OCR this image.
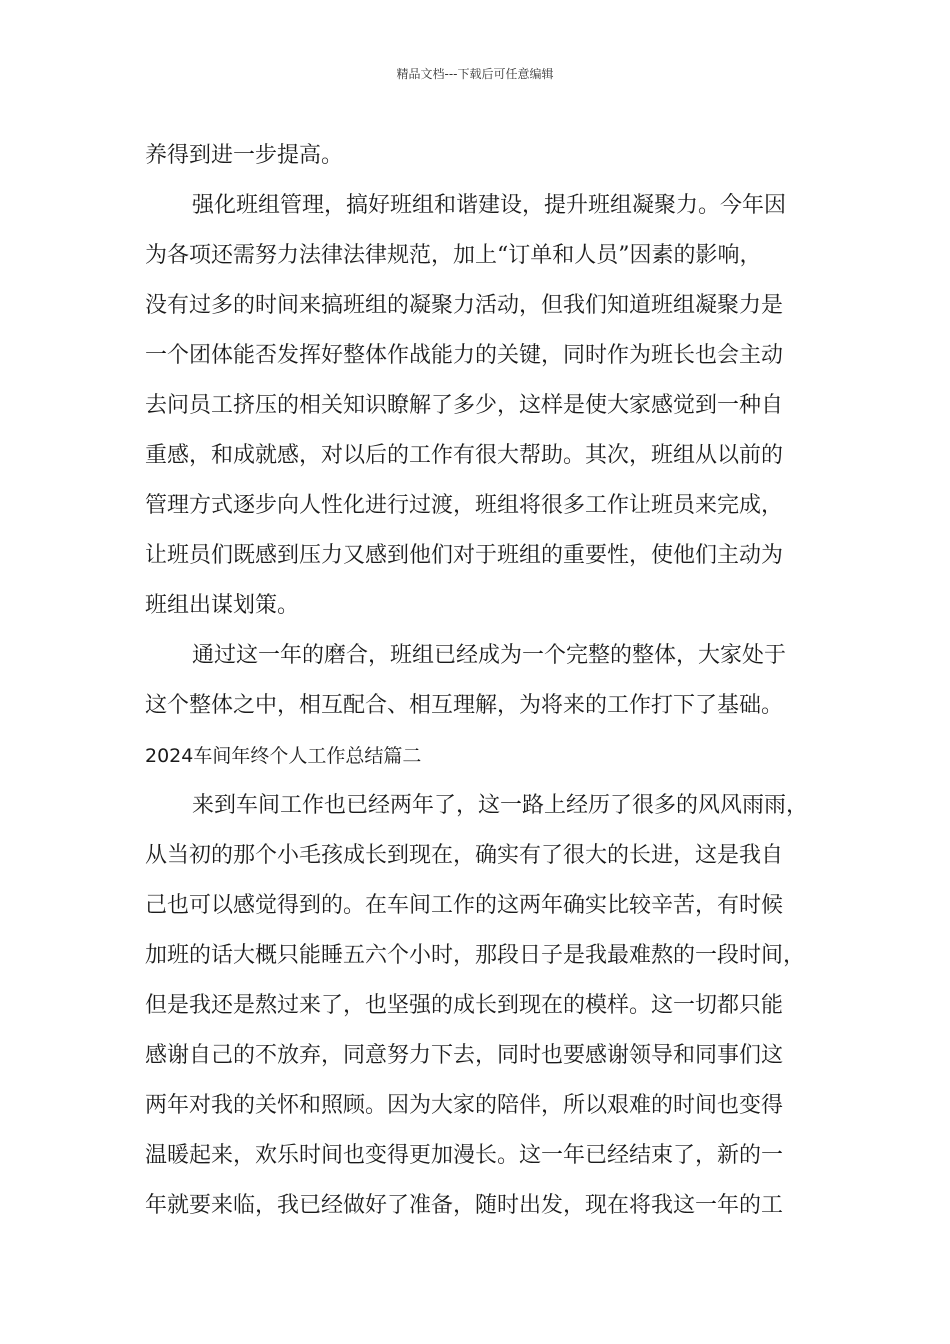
精品文档---下载后可任意编辑
养得到进一步提高。
强化班组管理，搞好班组和谐建设，提升班组凝聚力。今年因
为各项还需努力法律法律规范，加上“订单和人员”因素的影响，
没有过多的时间来搞班组的凝聚力活动，但我们知道班组凝聚力是
一个团体能否发挥好整体作战能力的关键，同时作为班长也会主动
去问员工挤压的相关知识瞭解了多少，这样是使大家感觉到一种自
重感，和成就感，对以后的工作有很大帮助。其次，班组从以前的
管理方式逐步向人性化进行过渡，班组将很多工作让班员来完成，
让班员们既感到压力又感到他们对于班组的重要性，使他们主动为
班组出谋划策。
通过这一年的磨合，班组已经成为一个完整的整体，大家处于
这个整体之中，相互配合、相互理解，为将来的工作打下了基础。
2024车间年终个人工作总结篇二
来到车间工作也已经两年了，这一路上经历了很多的风风雨雨，
从当初的那个小毛孩成长到现在，确实有了很大的长进，这是我自
己也可以感觉得到的。在车间工作的这两年确实比较辛苦，有时候
加班的话大概只能睡五六个小时，那段日子是我最难熬的一段时间，
但是我还是熬过来了，也坚强的成长到现在的模样。这一切都只能
感谢自己的不放弃，同意努力下去，同时也要感谢领导和同事们这
两年对我的关怀和照顾。因为大家的陪伴，所以艰难的时间也变得
温暖起来，欢乐时间也变得更加漫长。这一年已经结束了，新的一
年就要来临，我已经做好了准备，随时出发，现在将我这一年的工
